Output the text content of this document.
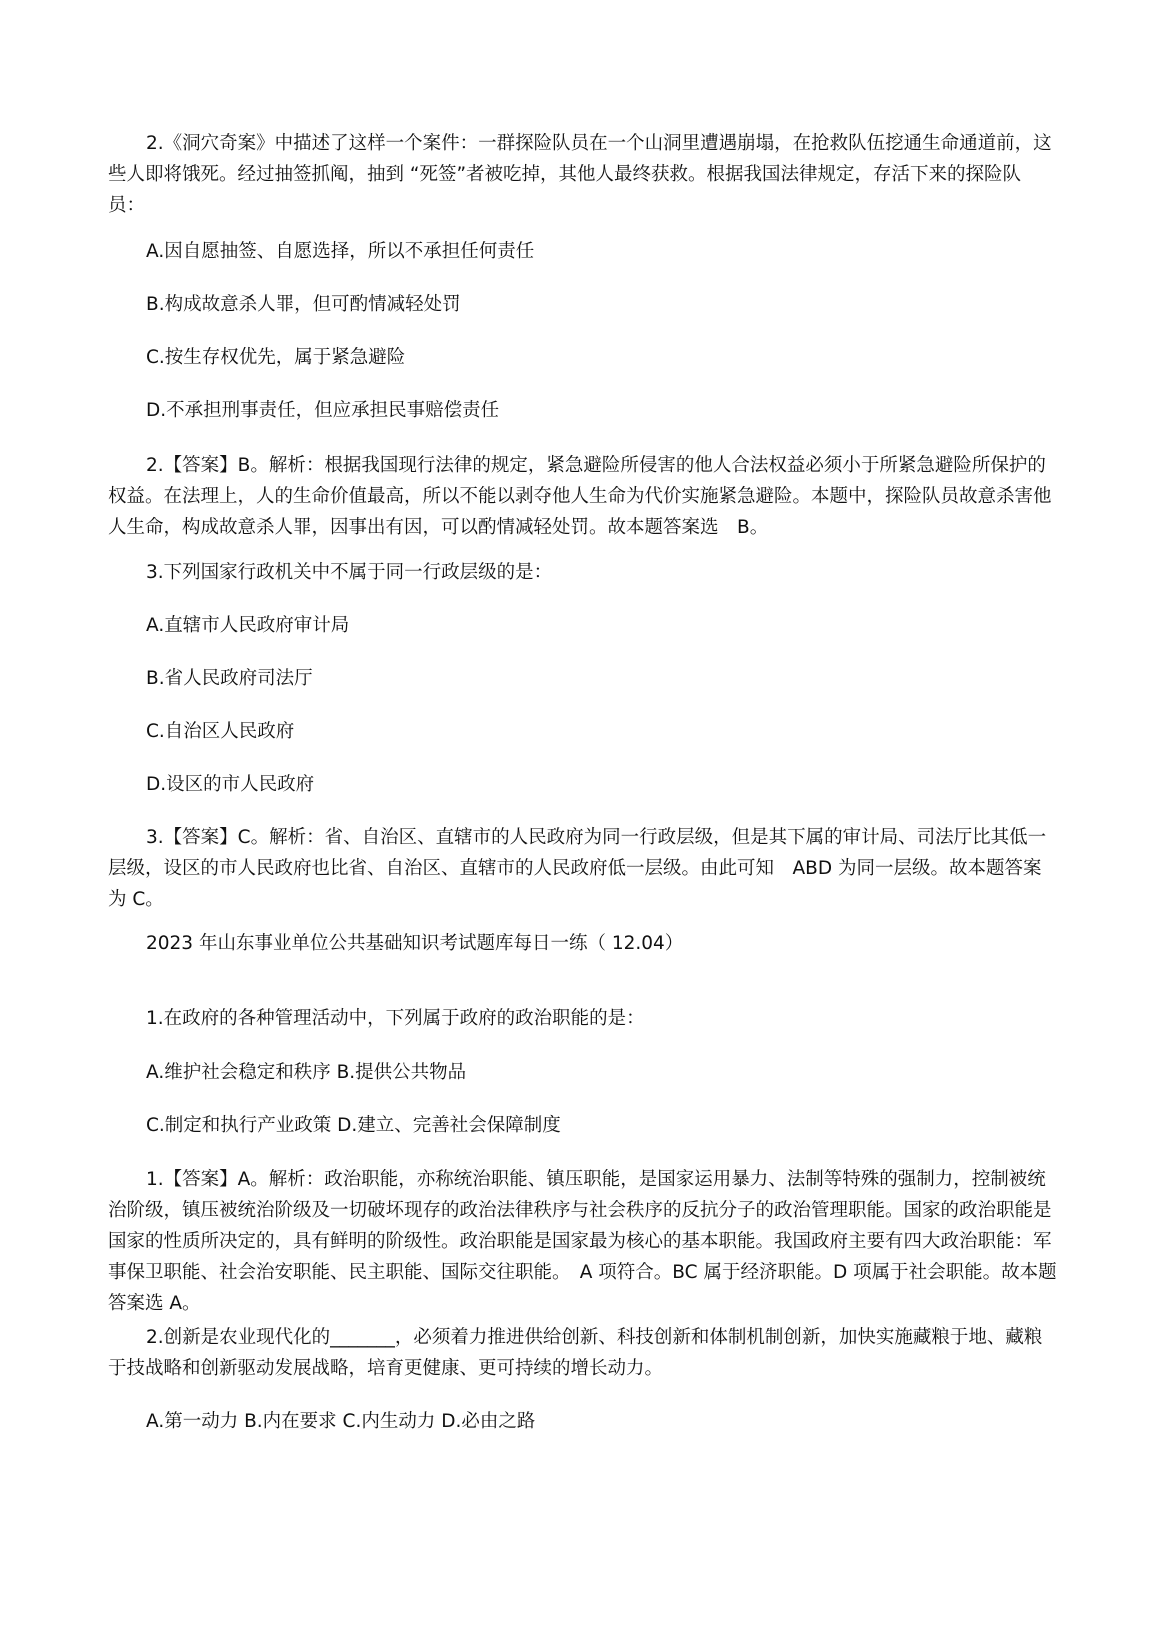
2.《洞穴奇案》中描述了这样一个案件：一群探险队员在一个山洞里遭遇崩塌，在抢救队伍挖通生命通道前，这些人即将饿死。经过抽签抓阄，抽到 “死签”者被吃掉，其他人最终获救。根据我国法律规定，存活下来的探险队员：

A.因自愿抽签、自愿选择，所以不承担任何责任

B.构成故意杀人罪，但可酌情减轻处罚

C.按生存权优先，属于紧急避险

D.不承担刑事责任，但应承担民事赔偿责任

2.【答案】B。解析：根据我国现行法律的规定，紧急避险所侵害的他人合法权益必须小于所紧急避险所保护的权益。在法理上，人的生命价值最高，所以不能以剥夺他人生命为代价实施紧急避险。本题中，探险队员故意杀害他人生命，构成故意杀人罪，因事出有因，可以酌情减轻处罚。故本题答案选　B。

3.下列国家行政机关中不属于同一行政层级的是：

A.直辖市人民政府审计局

B.省人民政府司法厅

C.自治区人民政府

D.设区的市人民政府

3.【答案】C。解析：省、自治区、直辖市的人民政府为同一行政层级，但是其下属的审计局、司法厅比其低一层级，设区的市人民政府也比省、自治区、直辖市的人民政府低一层级。由此可知　ABD 为同一层级。故本题答案为 C。

2023 年山东事业单位公共基础知识考试题库每日一练（ 12.04）

1.在政府的各种管理活动中，下列属于政府的政治职能的是：

A.维护社会稳定和秩序 B.提供公共物品

C.制定和执行产业政策 D.建立、完善社会保障制度

1.【答案】A。解析：政治职能，亦称统治职能、镇压职能，是国家运用暴力、法制等特殊的强制力，控制被统治阶级，镇压被统治阶级及一切破坏现存的政治法律秩序与社会秩序的反抗分子的政治管理职能。国家的政治职能是国家的性质所决定的，具有鲜明的阶级性。政治职能是国家最为核心的基本职能。我国政府主要有四大政治职能：军事保卫职能、社会治安职能、民主职能、国际交往职能。　A 项符合。BC 属于经济职能。D 项属于社会职能。故本题答案选 A。

2.创新是农业现代化的_______，必须着力推进供给创新、科技创新和体制机制创新，加快实施藏粮于地、藏粮于技战略和创新驱动发展战略，培育更健康、更可持续的增长动力。

A.第一动力 B.内在要求 C.内生动力 D.必由之路
